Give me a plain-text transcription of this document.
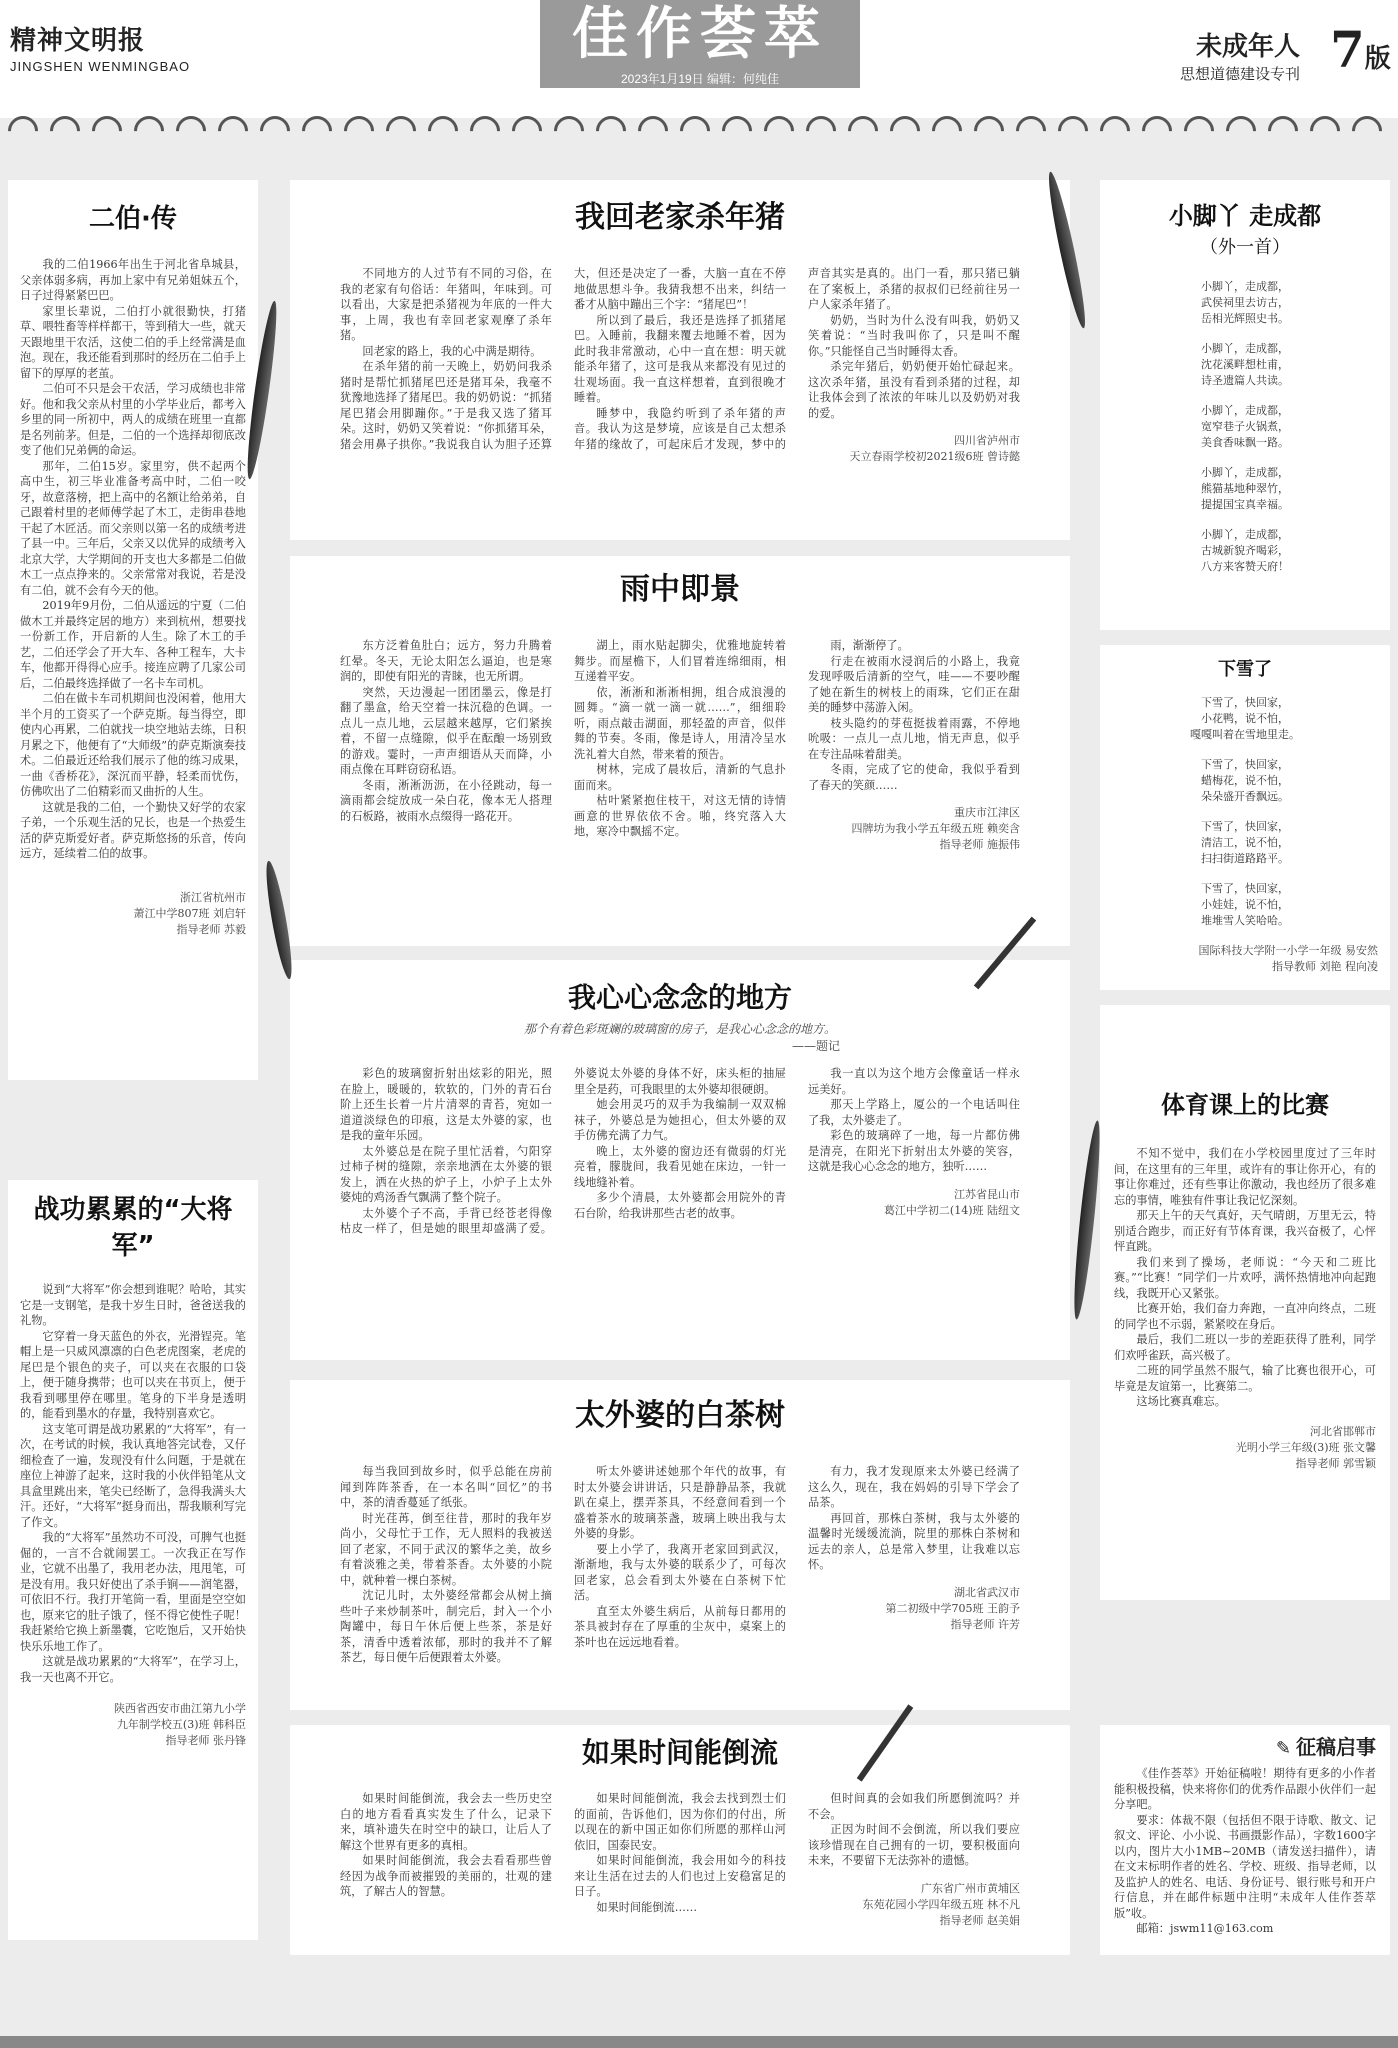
精神文明报
JINGSHEN WENMINGBAO	佳作荟萃
2023年1月19日 编辑：何纯佳
未成年人
思想道德建设专刊 7版
二伯·传

我的二伯1966年出生于河北省阜城县，父亲体弱多病，再加上家中有兄弟姐妹五个，日子过得紧紧巴巴。

家里长辈说，二伯打小就很勤快，打猪草、喂牲畜等样样都干，等到稍大一些，就天天跟地里干农活，这使二伯的手上经常满是血泡。现在，我还能看到那时的经历在二伯手上留下的厚厚的老茧。

二伯可不只是会干农活，学习成绩也非常好。他和我父亲从村里的小学毕业后，都考入乡里的同一所初中，两人的成绩在班里一直都是名列前茅。但是，二伯的一个选择却彻底改变了他们兄弟俩的命运。

那年，二伯15岁。家里穷，供不起两个高中生，初三毕业准备考高中时，二伯一咬牙，故意落榜，把上高中的名额让给弟弟，自己跟着村里的老师傅学起了木工，走街串巷地干起了木匠活。而父亲则以第一名的成绩考进了县一中。三年后，父亲又以优异的成绩考入北京大学，大学期间的开支也大多都是二伯做木工一点点挣来的。父亲常常对我说，若是没有二伯，就不会有今天的他。

2019年9月份，二伯从遥远的宁夏（二伯做木工并最终定居的地方）来到杭州，想要找一份新工作，开启新的人生。除了木工的手艺，二伯还学会了开大车、各种工程车，大卡车，他都开得得心应手。接连应聘了几家公司后，二伯最终选择做了一名卡车司机。

二伯在做卡车司机期间也没闲着，他用大半个月的工资买了一个萨克斯。每当得空，即使内心再累，二伯就找一块空地站去练，日积月累之下，他便有了“大师级”的萨克斯演奏技术。二伯最近还给我们展示了他的练习成果，一曲《香桥花》，深沉而平静，轻柔而忧伤，仿佛吹出了二伯精彩而又曲折的人生。

这就是我的二伯，一个勤快又好学的农家子弟，一个乐观生活的兄长，也是一个热爱生活的萨克斯爱好者。萨克斯悠扬的乐音，传向远方，延续着二伯的故事。

浙江省杭州市
萧江中学807班 刘启轩
指导老师 苏毅
战功累累的“大将军”

说到“大将军”你会想到谁呢？哈哈，其实它是一支钢笔，是我十岁生日时，爸爸送我的礼物。

它穿着一身天蓝色的外衣，光滑锃亮。笔帽上是一只威风凛凛的白色老虎图案，老虎的尾巴是个银色的夹子，可以夹在衣服的口袋上，便于随身携带；也可以夹在书页上，便于我看到哪里停在哪里。笔身的下半身是透明的，能看到墨水的存量，我特别喜欢它。

这支笔可谓是战功累累的“大将军”，有一次，在考试的时候，我认真地答完试卷，又仔细检查了一遍，发现没有什么问题，于是就在座位上神游了起来，这时我的小伙伴铅笔从文具盒里跳出来，笔尖已经断了，急得我满头大汗。还好，“大将军”挺身而出，帮我顺利写完了作文。

我的“大将军”虽然功不可没，可脾气也挺倔的，一言不合就闹罢工。一次我正在写作业，它就不出墨了，我用老办法，甩甩笔，可是没有用。我只好使出了杀手锏——润笔器，可依旧不行。我打开笔筒一看，里面是空空如也，原来它的肚子饿了，怪不得它使性子呢！我赶紧给它换上新墨囊，它吃饱后，又开始快快乐乐地工作了。

这就是战功累累的“大将军”，在学习上，我一天也离不开它。

陕西省西安市曲江第九小学
九年制学校五(3)班 韩科臣
指导老师 张丹锋
我回老家杀年猪

不同地方的人过节有不同的习俗，在我的老家有句俗话：年猪叫，年味到。可以看出，大家是把杀猪视为年底的一件大事，上周，我也有幸回老家观摩了杀年猪。

回老家的路上，我的心中满是期待。

在杀年猪的前一天晚上，奶奶问我杀猪时是帮忙抓猪尾巴还是猪耳朵，我毫不犹豫地选择了猪尾巴。我的奶奶说：“抓猪尾巴猪会用脚蹦你。”于是我又选了猪耳朵。这时，奶奶又笑着说：“你抓猪耳朵，猪会用鼻子拱你。”我说我自认为胆子还算大，但还是决定了一番，大脑一直在不停地做思想斗争。我猜我想不出来，纠结一番才从脑中蹦出三个字：“猪尾巴”！

所以到了最后，我还是选择了抓猪尾巴。入睡前，我翻来覆去地睡不着，因为此时我非常激动，心中一直在想：明天就能杀年猪了，这可是我从来都没有见过的壮观场面。我一直这样想着，直到很晚才睡着。

睡梦中，我隐约听到了杀年猪的声音。我认为这是梦境，应该是自己太想杀年猪的缘故了，可起床后才发现，梦中的声音其实是真的。出门一看，那只猪已躺在了案板上，杀猪的叔叔们已经前往另一户人家杀年猪了。

奶奶，当时为什么没有叫我，奶奶又笑着说：“当时我叫你了，只是叫不醒你。”只能怪自己当时睡得太香。

杀完年猪后，奶奶便开始忙碌起来。这次杀年猪，虽没有看到杀猪的过程，却让我体会到了浓浓的年味儿以及奶奶对我的爱。

四川省泸州市
天立春雨学校初2021级6班 曾诗懿
雨中即景

东方泛着鱼肚白；远方，努力升腾着红晕。冬天，无论太阳怎么逼迫，也是寒润的，即使有阳光的青睐，也无所谓。

突然，天边漫起一团团墨云，像是打翻了墨盒，给天空着一抹沉稳的色调。一点儿一点儿地，云层越来越厚，它们紧挨着，不留一点缝隙，似乎在酝酿一场别致的游戏。霎时，一声声细语从天而降，小雨点像在耳畔窃窃私语。

冬雨，淅淅沥沥，在小径跳动，每一滴雨都会绽放成一朵白花，像本无人搭理的石板路，被雨水点缀得一路花开。

湖上，雨水贴起脚尖，优雅地旋转着舞步。而屋檐下，人们冒着连绵细雨，相互递着平安。

依，淅淅和淅淅相拥，组合成浪漫的圆舞。“滴一就一滴一就……”，细细聆听，雨点敲击湖面，那轻盈的声音，似伴舞的节奏。冬雨，像是诗人，用清冷呈水洗礼着大自然，带来着的预告。

树林，完成了晨妆后，清新的气息扑面而来。

枯叶紧紧抱住枝干，对这无情的诗情画意的世界依依不舍。啪，终究落入大地，寒冷中飘摇不定。

雨，渐渐停了。

行走在被雨水浸润后的小路上，我竟发现呼吸后清新的空气，哇——不要吵醒了她在新生的树枝上的雨珠，它们正在甜美的睡梦中荡游入闲。

枝头隐约的芽苞挺拔着雨露，不停地吮吸：一点儿一点儿地，悄无声息，似乎在专注品味着甜美。

冬雨，完成了它的使命，我似乎看到了春天的笑颜……

重庆市江津区
四牌坊为我小学五年级五班 赖奕含
指导老师 施振伟
我心心念念的地方
那个有着色彩斑斓的玻璃窗的房子，是我心心念念的地方。
——题记

彩色的玻璃窗折射出炫彩的阳光，照在脸上，暖暖的，软软的，门外的青石台阶上还生长着一片片清翠的青苔，宛如一道道淡绿色的印痕，这是太外婆的家，也是我的童年乐园。

太外婆总是在院子里忙活着，勺阳穿过柿子树的缝隙，亲亲地洒在太外婆的银发上，洒在火热的炉子上，小炉子上太外婆炖的鸡汤香气飘满了整个院子。

太外婆个子不高，手背已经苍老得像枯皮一样了，但是她的眼里却盛满了爱。外婆说太外婆的身体不好，床头柜的抽屉里全是药，可我眼里的太外婆却很硬朗。

她会用灵巧的双手为我编制一双双棉袜子，外婆总是为她担心，但太外婆的双手仿佛充满了力气。

晚上，太外婆的窗边还有微弱的灯光亮着，朦胧间，我看见她在床边，一针一线地缝补着。

多少个清晨，太外婆都会用院外的青石台阶，给我讲那些古老的故事。

我一直以为这个地方会像童话一样永远美好。

那天上学路上，厦公的一个电话叫住了我，太外婆走了。

彩色的玻璃碎了一地，每一片都仿佛是清亮，在阳光下折射出太外婆的笑容，这就是我心心念念的地方，独听……

江苏省昆山市
葛江中学初二(14)班 陆纽文
太外婆的白茶树

每当我回到故乡时，似乎总能在房前闻到阵阵茶香，在一本名叫“回忆”的书中，茶的清香蔓延了纸张。

时光荏苒，倒至往昔，那时的我年岁尚小，父母忙于工作，无人照料的我被送回了老家，不同于武汉的繁华之美，故乡有着淡雅之美，带着茶香。太外婆的小院中，就种着一棵白茶树。

沈记儿时，太外婆经常都会从树上摘些叶子来炒制茶叶，制完后，封入一个小陶罐中，每日午休后便上些茶，茶是好茶，清香中透着浓郁，那时的我并不了解茶艺，每日便午后便跟着太外婆。

听太外婆讲述她那个年代的故事，有时太外婆会讲讲话，只是静静品茶，我就趴在桌上，摆弄茶具，不经意间看到一个盛着茶水的玻璃茶盏，玻璃上映出我与太外婆的身影。

要上小学了，我离开老家回到武汉，渐渐地，我与太外婆的联系少了，可每次回老家，总会看到太外婆在白茶树下忙活。

直至太外婆生病后，从前每日都用的茶具被封存在了厚重的尘灰中，桌案上的茶叶也在远远地看着。

有力，我才发现原来太外婆已经满了这么久，现在，我在妈妈的引导下学会了品茶。

再回首，那株白茶树，我与太外婆的温馨时光缓缓流淌，院里的那株白茶树和远去的亲人，总是常入梦里，让我难以忘怀。

湖北省武汉市
第二初级中学705班 王韵予
指导老师 许芳
如果时间能倒流

如果时间能倒流，我会去一些历史空白的地方看看真实发生了什么，记录下来，填补遗失在时空中的缺口，让后人了解这个世界有更多的真相。

如果时间能倒流，我会去看看那些曾经因为战争而被摧毁的美丽的，壮观的建筑，了解古人的智慧。

如果时间能倒流，我会去找到烈士们的面前，告诉他们，因为你们的付出，所以现在的新中国正如你们所愿的那样山河依旧，国泰民安。

如果时间能倒流，我会用如今的科技来让生活在过去的人们也过上安稳富足的日子。

如果时间能倒流……

但时间真的会如我们所愿倒流吗？并不会。

正因为时间不会倒流，所以我们要应该珍惜现在自己拥有的一切，要积极面向未来，不要留下无法弥补的遗憾。

广东省广州市黄埔区
东苑花园小学四年级五班 林不凡
指导老师 赵美娟
小脚丫 走成都
（外一首）
小脚丫，走成都，
武侯祠里去访古，
岳相光辉照史书。
小脚丫，走成都，
沈花溪畔想杜甫，
诗圣遗篇人共读。
小脚丫，走成都，
宽窄巷子火锅煮，
美食香味飘一路。
小脚丫，走成都，
熊猫基地种翠竹，
提提国宝真幸福。
小脚丫，走成都，
古城新貌齐喝彩，
八方来客赞天府！
下雪了
下雪了，快回家，
小花鸭，说不怕，
嘎嘎叫着在雪地里走。
下雪了，快回家，
蜡梅花，说不怕，
朵朵盛开香飘远。
下雪了，快回家，
清洁工，说不怕，
扫扫街道路路平。
下雪了，快回家，
小娃娃，说不怕，
堆堆雪人笑哈哈。
国际科技大学附一小学一年级 易安然
指导教师 刘艳 程向凌
体育课上的比赛

不知不觉中，我们在小学校园里度过了三年时间，在这里有的三年里，或许有的事让你开心，有的事让你难过，还有些事让你激动，我也经历了很多难忘的事情，唯独有件事让我记忆深刻。

那天上午的天气真好，天气晴朗，万里无云，特别适合跑步，而正好有节体育课，我兴奋极了，心怦怦直跳。

我们来到了操场，老师说：“今天和二班比赛。”“比赛！”同学们一片欢呼，满怀热情地冲向起跑线，我既开心又紧张。

比赛开始，我们奋力奔跑，一直冲向终点，二班的同学也不示弱，紧紧咬在身后。

最后，我们二班以一步的差距获得了胜利，同学们欢呼雀跃，高兴极了。

二班的同学虽然不服气，输了比赛也很开心，可毕竟是友谊第一，比赛第二。

这场比赛真难忘。

河北省邯郸市
光明小学三年级(3)班 张文馨
指导老师 郭雪颖
✎ 征稿启事

《佳作荟萃》开始征稿啦！期待有更多的小作者能积极投稿，快来将你们的优秀作品跟小伙伴们一起分享吧。

要求：体裁不限（包括但不限于诗歌、散文、记叙文、评论、小小说、书画摄影作品），字数1600字以内，图片大小1MB~20MB（请发送扫描件），请在文末标明作者的姓名、学校、班级、指导老师，以及监护人的姓名、电话、身份证号、银行账号和开户行信息，并在邮件标题中注明“未成年人佳作荟萃版”收。

邮箱：jswm11@163.com
